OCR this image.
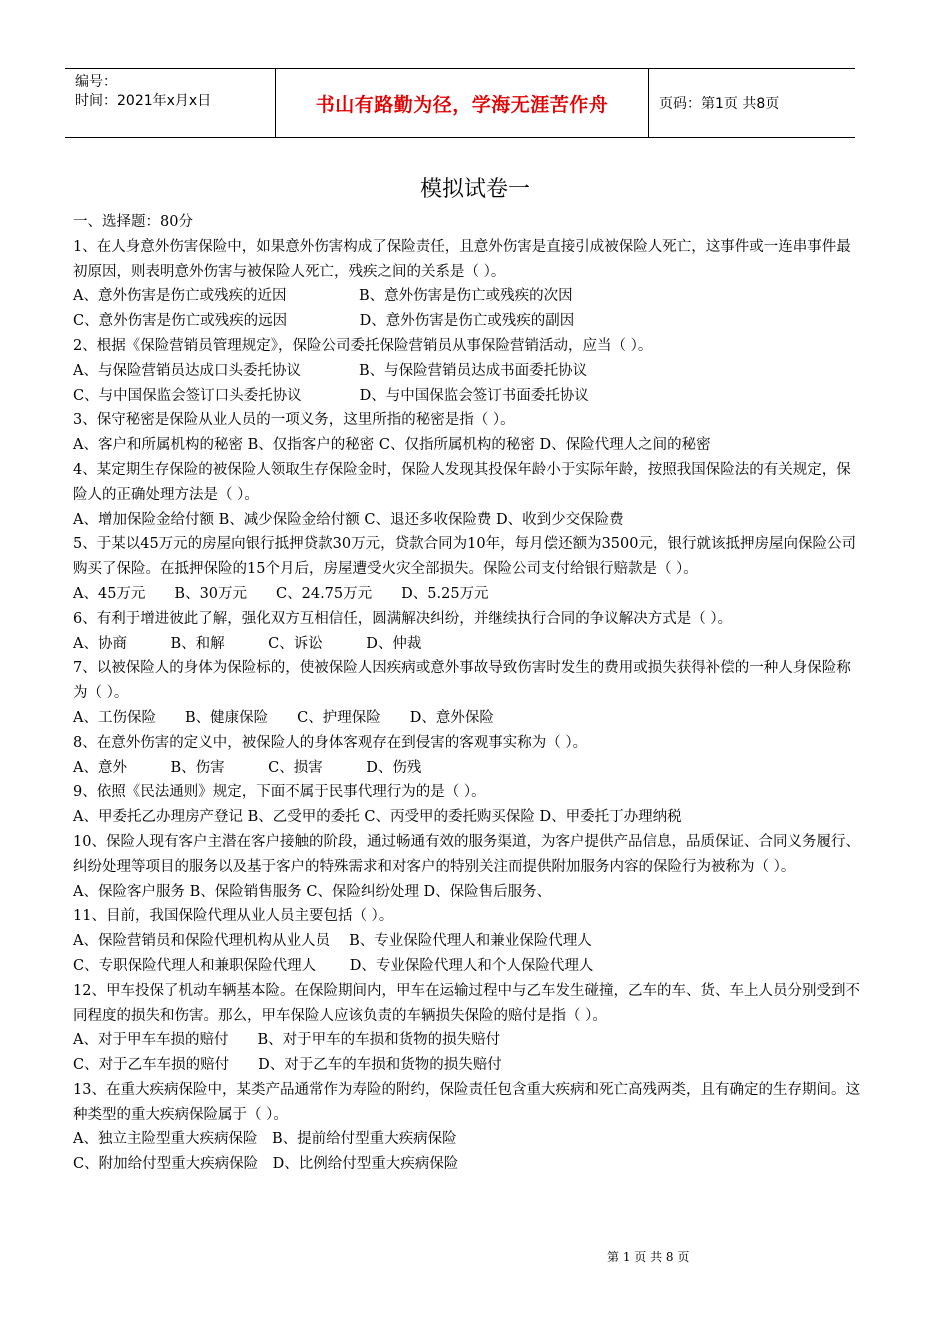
编号：
时间：2021年x月x日	书山有路勤为径，学海无涯苦作舟	页码：第1页 共8页
模拟试卷一
一、选择题：80分
1、在人身意外伤害保险中，如果意外伤害构成了保险责任，且意外伤害是直接引成被保险人死亡，这事件或一连串事件最初原因，则表明意外伤害与被保险人死亡，残疾之间的关系是（ ）。
A、意外伤害是伤亡或残疾的近因　　　　　B、意外伤害是伤亡或残疾的次因
C、意外伤害是伤亡或残疾的远因　　　　　D、意外伤害是伤亡或残疾的副因
2、根据《保险营销员管理规定》，保险公司委托保险营销员从事保险营销活动，应当（ ）。
A、与保险营销员达成口头委托协议　　　　B、与保险营销员达成书面委托协议
C、与中国保监会签订口头委托协议　　　　D、与中国保监会签订书面委托协议
3、保守秘密是保险从业人员的一项义务，这里所指的秘密是指（ ）。
A、客户和所属机构的秘密 B、仅指客户的秘密 C、仅指所属机构的秘密 D、保险代理人之间的秘密
4、某定期生存保险的被保险人领取生存保险金时，保险人发现其投保年龄小于实际年龄，按照我国保险法的有关规定，保险人的正确处理方法是（ ）。
A、增加保险金给付额 B、减少保险金给付额 C、退还多收保险费 D、收到少交保险费
5、于某以45万元的房屋向银行抵押贷款30万元，贷款合同为10年，每月偿还额为3500元，银行就该抵押房屋向保险公司购买了保险。在抵押保险的15个月后，房屋遭受火灾全部损失。保险公司支付给银行赔款是（ ）。
A、45万元　　B、30万元　　C、24.75万元　　D、5.25万元
6、有利于增进彼此了解，强化双方互相信任，圆满解决纠纷，并继续执行合同的争议解决方式是（ ）。
A、协商　　　B、和解　　　C、诉讼　　　D、仲裁
7、以被保险人的身体为保险标的，使被保险人因疾病或意外事故导致伤害时发生的费用或损失获得补偿的一种人身保险称为（ ）。
A、工伤保险　　B、健康保险　　C、护理保险　　D、意外保险
8、在意外伤害的定义中，被保险人的身体客观存在到侵害的客观事实称为（ ）。
A、意外　　　B、伤害　　　C、损害　　　D、伤残
9、依照《民法通则》规定，下面不属于民事代理行为的是（ ）。
A、甲委托乙办理房产登记 B、乙受甲的委托 C、丙受甲的委托购买保险 D、甲委托丁办理纳税
10、保险人现有客户主潜在客户接触的阶段，通过畅通有效的服务渠道，为客户提供产品信息，品质保证、合同义务履行、纠纷处理等项目的服务以及基于客户的特殊需求和对客户的特别关注而提供附加服务内容的保险行为被称为（ ）。
A、保险客户服务 B、保险销售服务 C、保险纠纷处理 D、保险售后服务、
11、目前，我国保险代理从业人员主要包括（ ）。
A、保险营销员和保险代理机构从业人员　 B、专业保险代理人和兼业保险代理人
C、专职保险代理人和兼职保险代理人　　 D、专业保险代理人和个人保险代理人
12、甲车投保了机动车辆基本险。在保险期间内，甲车在运输过程中与乙车发生碰撞，乙车的车、货、车上人员分别受到不同程度的损失和伤害。那么，甲车保险人应该负责的车辆损失保险的赔付是指（ ）。
A、对于甲车车损的赔付　　B、对于甲车的车损和货物的损失赔付
C、对于乙车车损的赔付　　D、对于乙车的车损和货物的损失赔付
13、在重大疾病保险中，某类产品通常作为寿险的附约，保险责任包含重大疾病和死亡高残两类，且有确定的生存期间。这种类型的重大疾病保险属于（ ）。
A、独立主险型重大疾病保险　B、提前给付型重大疾病保险
C、附加给付型重大疾病保险　D、比例给付型重大疾病保险
第 1 页 共 8 页
